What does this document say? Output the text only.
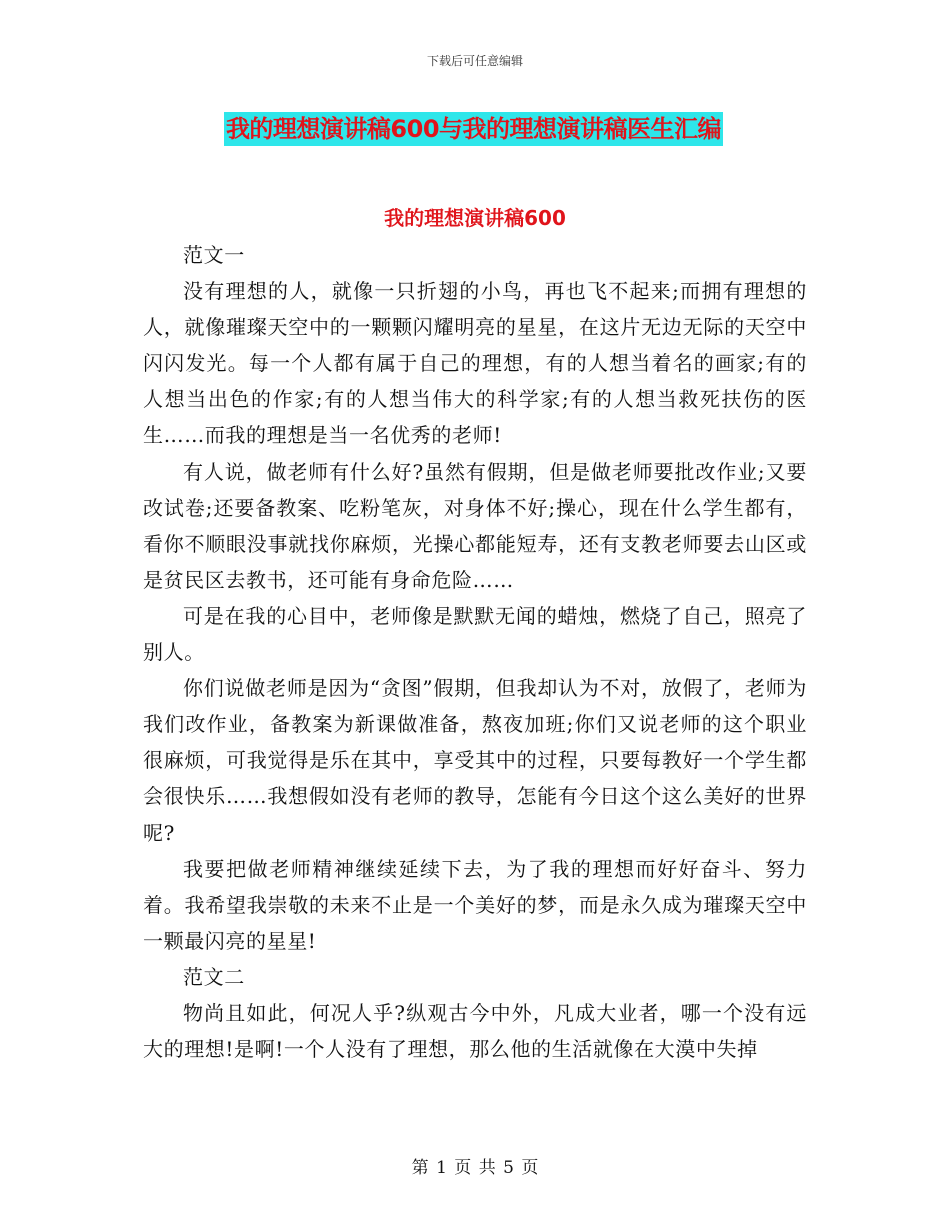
下载后可任意编辑
我的理想演讲稿600与我的理想演讲稿医生汇编
我的理想演讲稿600

范文一

没有理想的人，就像一只折翅的小鸟，再也飞不起来;而拥有理想的人，就像璀璨天空中的一颗颗闪耀明亮的星星，在这片无边无际的天空中闪闪发光。每一个人都有属于自己的理想，有的人想当着名的画家;有的人想当出色的作家;有的人想当伟大的科学家;有的人想当救死扶伤的医生……而我的理想是当一名优秀的老师!

有人说，做老师有什么好?虽然有假期，但是做老师要批改作业;又要改试卷;还要备教案、吃粉笔灰，对身体不好;操心，现在什么学生都有，看你不顺眼没事就找你麻烦，光操心都能短寿，还有支教老师要去山区或是贫民区去教书，还可能有身命危险……

可是在我的心目中，老师像是默默无闻的蜡烛，燃烧了自己，照亮了别人。

你们说做老师是因为“贪图”假期，但我却认为不对，放假了，老师为我们改作业，备教案为新课做准备，熬夜加班;你们又说老师的这个职业很麻烦，可我觉得是乐在其中，享受其中的过程，只要每教好一个学生都会很快乐……我想假如没有老师的教导，怎能有今日这个这么美好的世界呢?

我要把做老师精神继续延续下去，为了我的理想而好好奋斗、努力着。我希望我崇敬的未来不止是一个美好的梦，而是永久成为璀璨天空中一颗最闪亮的星星!

范文二

物尚且如此，何况人乎?纵观古今中外，凡成大业者，哪一个没有远大的理想!是啊!一个人没有了理想，那么他的生活就像在大漠中失掉

第 1 页 共 5 页
